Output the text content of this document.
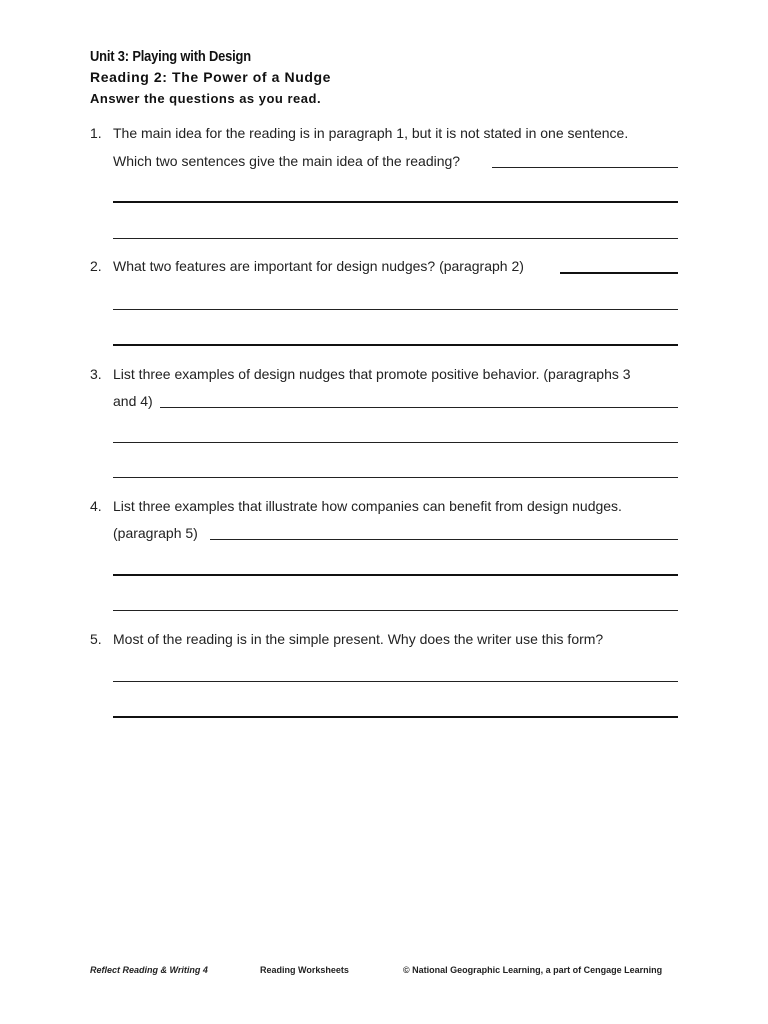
Unit 3: Playing with Design
Reading 2: The Power of a Nudge
Answer the questions as you read.
1. The main idea for the reading is in paragraph 1, but it is not stated in one sentence.
Which two sentences give the main idea of the reading?
2. What two features are important for design nudges? (paragraph 2)
3. List three examples of design nudges that promote positive behavior. (paragraphs 3
and 4)
4. List three examples that illustrate how companies can benefit from design nudges.
(paragraph 5)
5. Most of the reading is in the simple present. Why does the writer use this form?
Reflect Reading & Writing 4	Reading Worksheets	© National Geographic Learning, a part of Cengage Learning
